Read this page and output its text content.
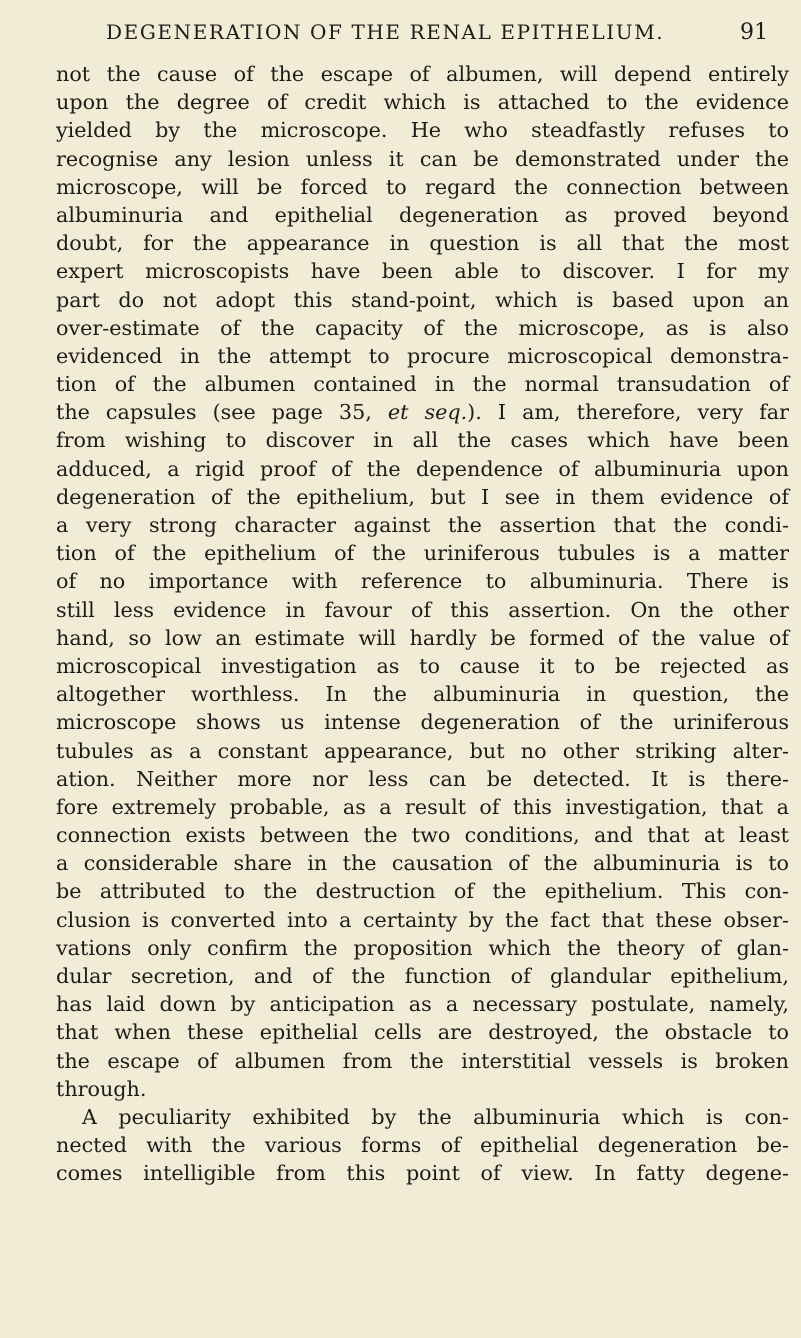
DEGENERATION OF THE RENAL EPITHELIUM.	91
not the cause of the escape of albumen, will depend entirely
upon the degree of credit which is attached to the evidence
yielded by the microscope. He who steadfastly refuses to
recognise any lesion unless it can be demonstrated under the
microscope, will be forced to regard the connection between
albuminuria and epithelial degeneration as proved beyond
doubt, for the appearance in question is all that the most
expert microscopists have been able to discover. I for my
part do not adopt this stand-point, which is based upon an
over-estimate of the capacity of the microscope, as is also
evidenced in the attempt to procure microscopical demonstra-
tion of the albumen contained in the normal transudation of
the capsules (see page 35, et seq.). I am, therefore, very far
from wishing to discover in all the cases which have been
adduced, a rigid proof of the dependence of albuminuria upon
degeneration of the epithelium, but I see in them evidence of
a very strong character against the assertion that the condi-
tion of the epithelium of the uriniferous tubules is a matter
of no importance with reference to albuminuria. There is
still less evidence in favour of this assertion. On the other
hand, so low an estimate will hardly be formed of the value of
microscopical investigation as to cause it to be rejected as
altogether worthless. In the albuminuria in question, the
microscope shows us intense degeneration of the uriniferous
tubules as a constant appearance, but no other striking alter-
ation. Neither more nor less can be detected. It is there-
fore extremely probable, as a result of this investigation, that a
connection exists between the two conditions, and that at least
a considerable share in the causation of the albuminuria is to
be attributed to the destruction of the epithelium. This con-
clusion is converted into a certainty by the fact that these obser-
vations only confirm the proposition which the theory of glan-
dular secretion, and of the function of glandular epithelium,
has laid down by anticipation as a necessary postulate, namely,
that when these epithelial cells are destroyed, the obstacle to
the escape of albumen from the interstitial vessels is broken
through.
A peculiarity exhibited by the albuminuria which is con-
nected with the various forms of epithelial degeneration be-
comes intelligible from this point of view. In fatty degene-
